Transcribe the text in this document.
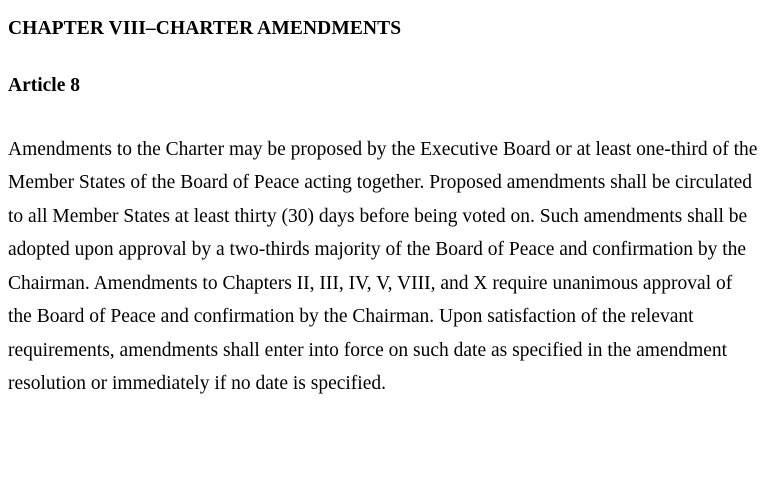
CHAPTER VIII–CHARTER AMENDMENTS
Article 8

Amendments to the Charter may be proposed by the Executive Board or at least one-third of the Member States of the Board of Peace acting together. Proposed amendments shall be circulated to all Member States at least thirty (30) days before being voted on. Such amendments shall be adopted upon approval by a two-thirds majority of the Board of Peace and confirmation by the Chairman. Amendments to Chapters II, III, IV, V, VIII, and X require unanimous approval of the Board of Peace and confirmation by the Chairman. Upon satisfaction of the relevant requirements, amendments shall enter into force on such date as specified in the amendment resolution or immediately if no date is specified.
